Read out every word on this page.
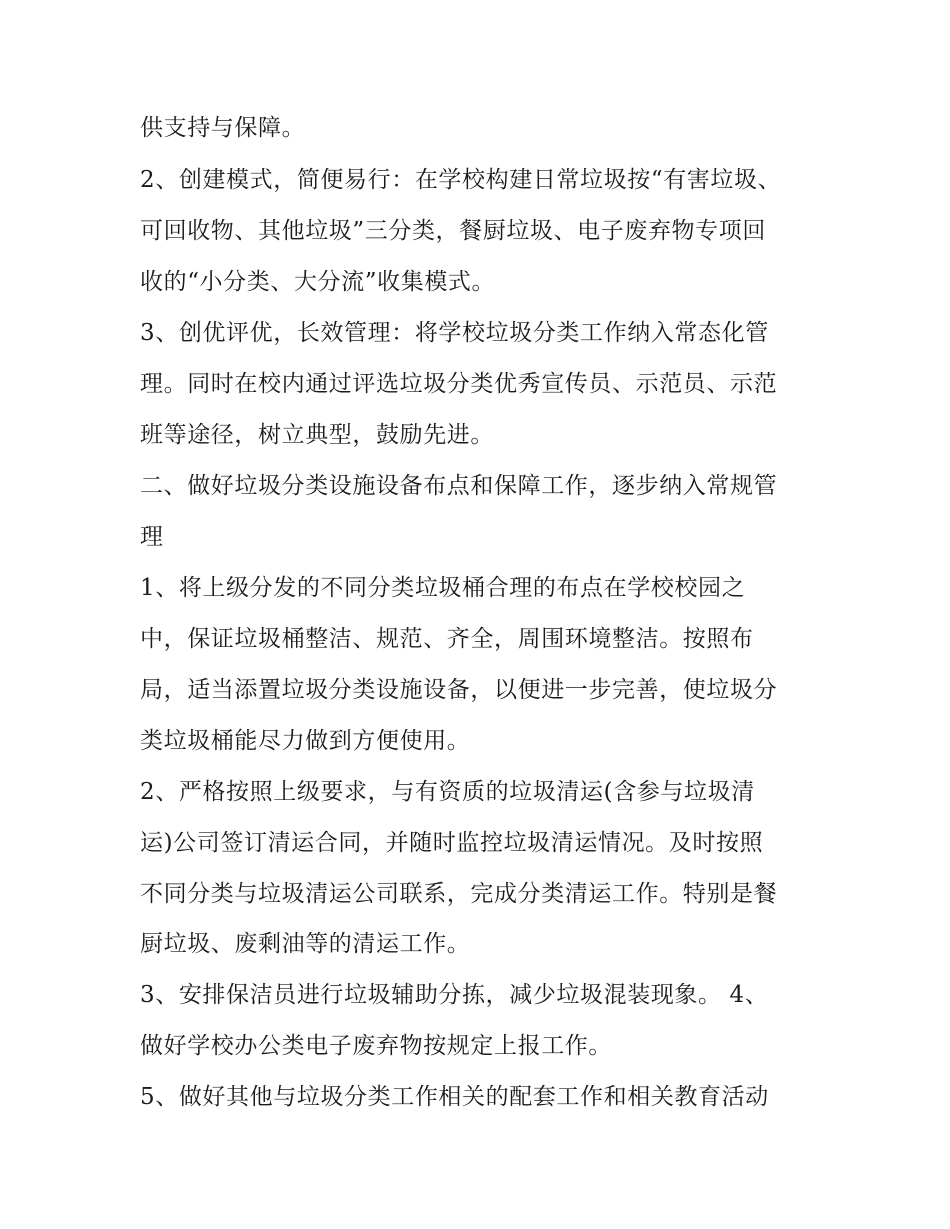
供支持与保障。

2、创建模式，简便易行：在学校构建日常垃圾按“有害垃圾、

可回收物、其他垃圾”三分类，餐厨垃圾、电子废弃物专项回

收的“小分类、大分流”收集模式。

3、创优评优，长效管理：将学校垃圾分类工作纳入常态化管

理。同时在校内通过评选垃圾分类优秀宣传员、示范员、示范

班等途径，树立典型，鼓励先进。

二、做好垃圾分类设施设备布点和保障工作，逐步纳入常规管

理

1、将上级分发的不同分类垃圾桶合理的布点在学校校园之

中，保证垃圾桶整洁、规范、齐全，周围环境整洁。按照布

局，适当添置垃圾分类设施设备，以便进一步完善，使垃圾分

类垃圾桶能尽力做到方便使用。

2、严格按照上级要求，与有资质的垃圾清运(含参与垃圾清

运)公司签订清运合同，并随时监控垃圾清运情况。及时按照

不同分类与垃圾清运公司联系，完成分类清运工作。特别是餐

厨垃圾、废剩油等的清运工作。

3、安排保洁员进行垃圾辅助分拣，减少垃圾混装现象。 4、

做好学校办公类电子废弃物按规定上报工作。

5、做好其他与垃圾分类工作相关的配套工作和相关教育活动
